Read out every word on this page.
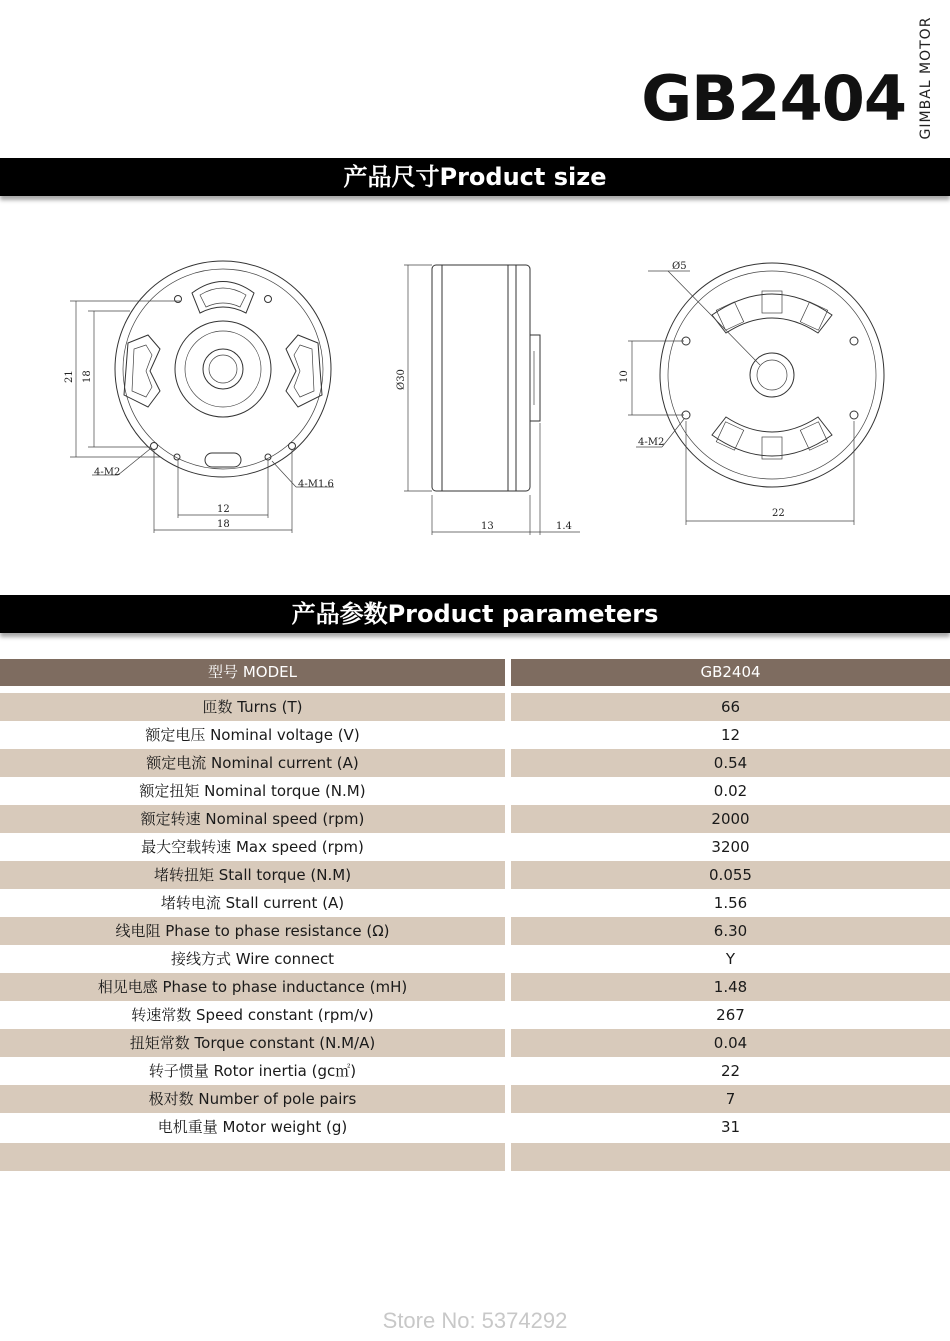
GB2404 GIMBAL MOTOR
产品尺寸Product size
21 18
4-M2
4-M1.6
12
18
Ø30
13	1.4
Ø5
10
4-M2
22
产品参数Product parameters
型号 MODEL	GB2404
匝数 Turns (T)	66
额定电压 Nominal voltage (V)	12
额定电流 Nominal current (A)	0.54
额定扭矩 Nominal torque (N.M)	0.02
额定转速 Nominal speed (rpm)	2000
最大空载转速 Max speed (rpm)	3200
堵转扭矩 Stall torque (N.M)	0.055
堵转电流 Stall current (A)	1.56
线电阻 Phase to phase resistance (Ω)	6.30
接线方式 Wire connect	Y
相见电感 Phase to phase inductance (mH)	1.48
转速常数 Speed constant (rpm/v)	267
扭矩常数 Torque constant (N.M/A)	0.04
转子惯量 Rotor inertia (gc㎡)	22
极对数 Number of pole pairs	7
电机重量 Motor weight (g)	31
Store No: 5374292
